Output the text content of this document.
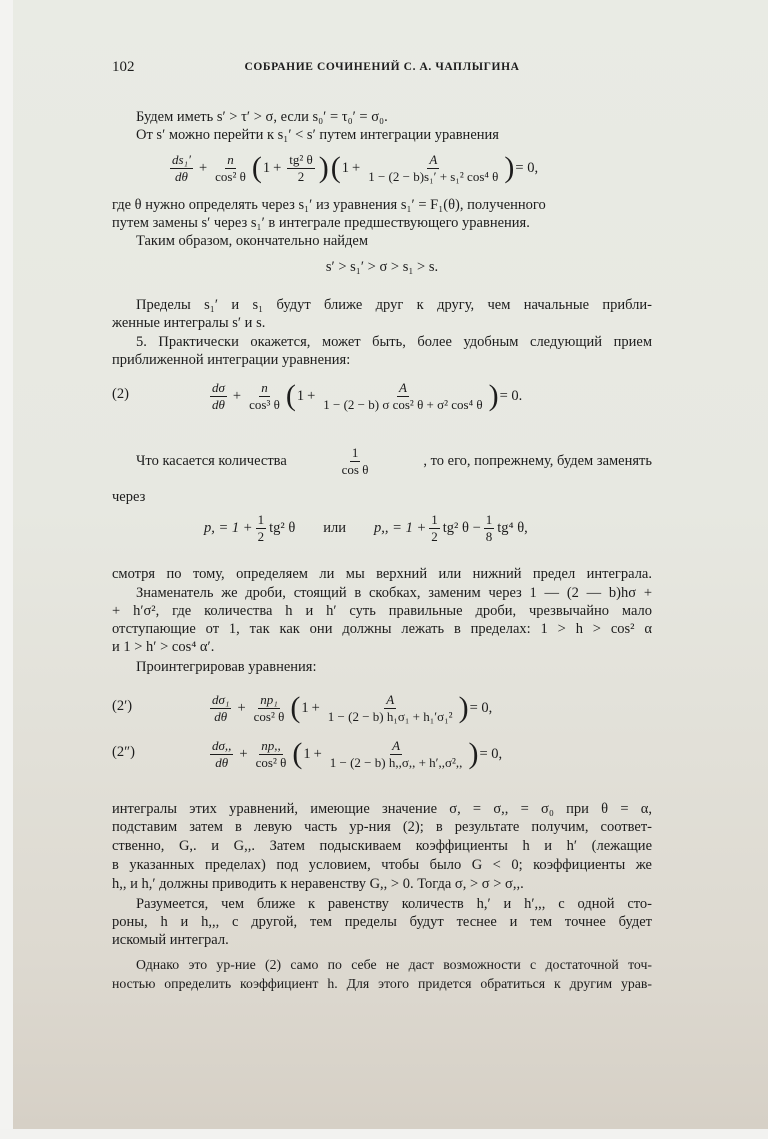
102	СОБРАНИЕ СОЧИНЕНИЙ С. А. ЧАПЛЫГИНА
Будем иметь s′ > τ′ > σ, если s₀′ = τ₀′ = σ₀.
От s′ можно перейти к s₁′ < s′ путем интеграции уравнения
$\frac{\text{ds₁′}}{d\theta} + \frac{n}{\text{cos² θ}}$ ( $1 + \frac{\text{tg² θ}}{2}$ ) ( $1 + \frac{A}{\text{1 − (2 − b)s₁′ + s₁² cos⁴ θ}}$ ) = 0,
где θ нужно определять через s₁′ из уравнения s₁′ = F₁(θ), полученного
путем замены s′ через s₁′ в интеграле предшествующего уравнения.
Таким образом, окончательно найдем
s′ > s₁′ > σ > s₁ > s.
Пределы s₁′ и s₁ будут ближе друг к другу, чем начальные прибли-
женные интегралы s′ и s.
5. Практически окажется, может быть, более удобным следующий прием
приближенной интеграции уравнения:
(2)	$\frac{d\sigma}{d\theta} + \frac{n}{\text{cos³ θ}}$ ( $1 + \frac{A}{\text{1 − (2 − b) σ cos² θ + σ² cos⁴ θ}}$ ) = 0.
Что касается количества	$\frac{1}{\text{cos θ}}$	, то его, попрежнему, будем заменять
через
p, = $1 + \frac{1}{2} tg^2$ θ или p,, = $1 + \frac{1}{2} tg^2$ $\theta - \frac{1}{8} tg^4$ θ,
смотря по тому, определяем ли мы верхний или нижний предел интеграла.
Знаменатель же дроби, стоящий в скобках, заменим через 1 — (2 — b)hσ +
+ h′σ², где количества h и h′ суть правильные дроби, чрезвычайно мало
отступающие от 1, так как они должны лежать в пределах: 1 > h > cos² α
и 1 > h′ > cos⁴ α′.
Проинтегрировав уравнения:
(2′)	$\frac{\text{dσ₁}}{d\theta} + \frac{\text{np₁}}{\text{cos² θ}}$ ( $1 + \frac{A}{\text{1 − (2 − b) h₁σ₁ + h₁′σ₁²}}$ ) = 0,
(2″)	$\frac{d\sigma,,}{d\theta} + \frac{np,,}{\text{cos² θ}}$ ( $1 + \frac{A}{\text{1 − (2 − b) h,,σ,, + h′,,σ²,,}}$ ) = 0,
интегралы этих уравнений, имеющие значение σ, = σ,, = σ₀ при θ = α,
подставим затем в левую часть ур-ния (2); в результате получим, соответ-
ственно, G,. и G,,. Затем подыскиваем коэффициенты h и h′ (лежащие
в указанных пределах) под условием, чтобы было G < 0; коэффициенты же
h,, и h,′ должны приводить к неравенству G,, > 0. Тогда σ, > σ > σ,,.
Разумеется, чем ближе к равенству количеств h,′ и h′,,, с одной сто-
роны, h и h,,, с другой, тем пределы будут теснее и тем точнее будет
искомый интеграл.
Однако это ур-ние (2) само по себе не даст возможности с достаточной точ-
ностью определить коэффициент h. Для этого придется обратиться к другим урав-
